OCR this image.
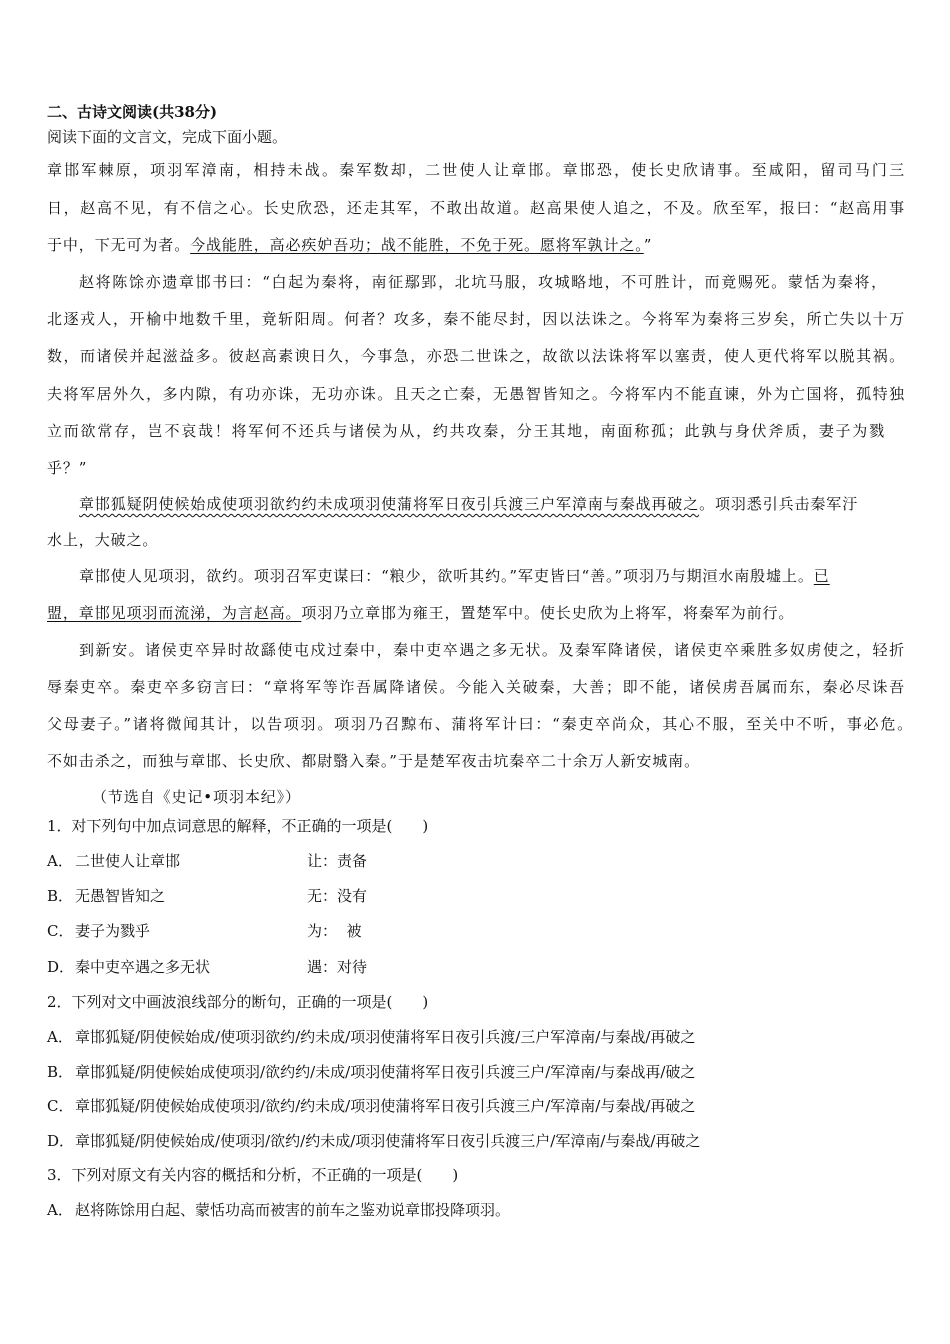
二、古诗文阅读(共38分)
阅读下面的文言文，完成下面小题。
章邯军棘原，项羽军漳南，相持未战。秦军数却，二世使人让章邯。章邯恐，使长史欣请事。至咸阳，留司马门三
日，赵高不见，有不信之心。长史欣恐，还走其军，不敢出故道。赵高果使人追之，不及。欣至军，报曰：“赵高用事
于中，下无可为者。今战能胜，高必疾妒吾功；战不能胜，不免于死。愿将军孰计之。”
赵将陈馀亦遗章邯书曰：“白起为秦将，南征鄢郢，北坑马服，攻城略地，不可胜计，而竟赐死。蒙恬为秦将，
北逐戎人，开榆中地数千里，竟斩阳周。何者？攻多，秦不能尽封，因以法诛之。今将军为秦将三岁矣，所亡失以十万
数，而诸侯并起滋益多。彼赵高素谀日久，今事急，亦恐二世诛之，故欲以法诛将军以塞责，使人更代将军以脱其祸。
夫将军居外久，多内隙，有功亦诛，无功亦诛。且天之亡秦，无愚智皆知之。今将军内不能直谏，外为亡国将，孤特独
立而欲常存，岂不哀哉！将军何不还兵与诸侯为从，约共攻秦，分王其地，南面称孤；此孰与身伏斧质，妻子为戮
乎？”
章邯狐疑阴使候始成使项羽欲约约未成项羽使蒲将军日夜引兵渡三户军漳南与秦战再破之。项羽悉引兵击秦军汙
水上，大破之。
章邯使人见项羽，欲约。项羽召军吏谋曰：“粮少，欲听其约。”军吏皆曰“善。”项羽乃与期洹水南殷墟上。已
盟，章邯见项羽而流涕，为言赵高。项羽乃立章邯为雍王，置楚军中。使长史欣为上将军，将秦军为前行。
到新安。诸侯吏卒异时故繇使屯戍过秦中，秦中吏卒遇之多无状。及秦军降诸侯，诸侯吏卒乘胜多奴虏使之，轻折
辱秦吏卒。秦吏卒多窃言曰：“章将军等诈吾属降诸侯。今能入关破秦，大善；即不能，诸侯虏吾属而东，秦必尽诛吾
父母妻子。”诸将微闻其计，以告项羽。项羽乃召黥布、蒲将军计曰：“秦吏卒尚众，其心不服，至关中不听，事必危。
不如击杀之，而独与章邯、长史欣、都尉翳入秦。”于是楚军夜击坑秦卒二十余万人新安城南。
（节选自《史记•项羽本纪》）
1．对下列句中加点词意思的解释，不正确的一项是(　　)
A． 二世使人让章邯	让：责备
B． 无愚智皆知之	无：没有
C． 妻子为戮乎	为：  被
D．秦中吏卒遇之多无状	遇：对待
2．下列对文中画波浪线部分的断句，正确的一项是(　　)
A． 章邯狐疑/阴使候始成/使项羽欲约/约未成/项羽使蒲将军日夜引兵渡/三户军漳南/与秦战/再破之
B． 章邯狐疑/阴使候始成使项羽/欲约约/未成/项羽使蒲将军日夜引兵渡三户/军漳南/与秦战再/破之
C． 章邯狐疑/阴使候始成使项羽/欲约/约未成/项羽使蒲将军日夜引兵渡三户/军漳南/与秦战/再破之
D．章邯狐疑/阴使候始成/使项羽/欲约/约未成/项羽使蒲将军日夜引兵渡三户/军漳南/与秦战/再破之
3．下列对原文有关内容的概括和分析，不正确的一项是(　　)
A． 赵将陈馀用白起、蒙恬功高而被害的前车之鉴劝说章邯投降项羽。
